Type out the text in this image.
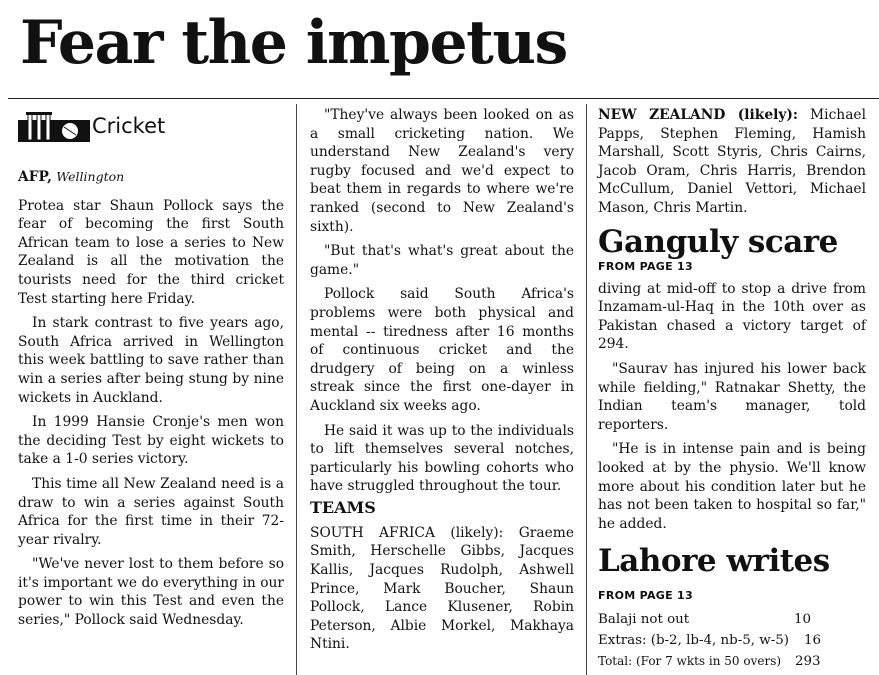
Fear the impetus
Cricket
AFP, Wellington

Protea star Shaun Pollock says the fear of becoming the first South African team to lose a series to New Zealand is all the motivation the tourists need for the third cricket Test starting here Friday.

In stark contrast to five years ago, South Africa arrived in Wellington this week battling to save rather than win a series after being stung by nine wickets in Auckland.

In 1999 Hansie Cronje's men won the deciding Test by eight wickets to take a 1-0 series victory.

This time all New Zealand need is a draw to win a series against South Africa for the first time in their 72-year rivalry.

"We've never lost to them before so it's important we do everything in our power to win this Test and even the series," Pollock said Wednesday.

"They've always been looked on as a small cricketing nation. We understand New Zealand's very rugby focused and we'd expect to beat them in regards to where we're ranked (second to New Zealand's sixth).

"But that's what's great about the game."

Pollock said South Africa's problems were both physical and mental -- tiredness after 16 months of continuous cricket and the drudgery of being on a winless streak since the first one-dayer in Auckland six weeks ago.

He said it was up to the individuals to lift themselves several notches, particularly his bowling cohorts who have struggled throughout the tour.

TEAMS

SOUTH AFRICA (likely): Graeme Smith, Herschelle Gibbs, Jacques Kallis, Jacques Rudolph, Ashwell Prince, Mark Boucher, Shaun Pollock, Lance Klusener, Robin Peterson, Albie Morkel, Makhaya Ntini.

NEW ZEALAND (likely): Michael Papps, Stephen Fleming, Hamish Marshall, Scott Styris, Chris Cairns, Jacob Oram, Chris Harris, Brendon McCullum, Daniel Vettori, Michael Mason, Chris Martin.

Ganguly scare

FROM PAGE 13

diving at mid-off to stop a drive from Inzamam-ul-Haq in the 10th over as Pakistan chased a victory target of 294.

"Saurav has injured his lower back while fielding," Ratnakar Shetty, the Indian team's manager, told reporters.

"He is in intense pain and is being looked at by the physio. We'll know more about his condition later but he has not been taken to hospital so far," he added.

Lahore writes

FROM PAGE 13

Balaji not out	10
Extras: (b-2, lb-4, nb-5, w-5)	16
Total: (For 7 wkts in 50 overs)	293
